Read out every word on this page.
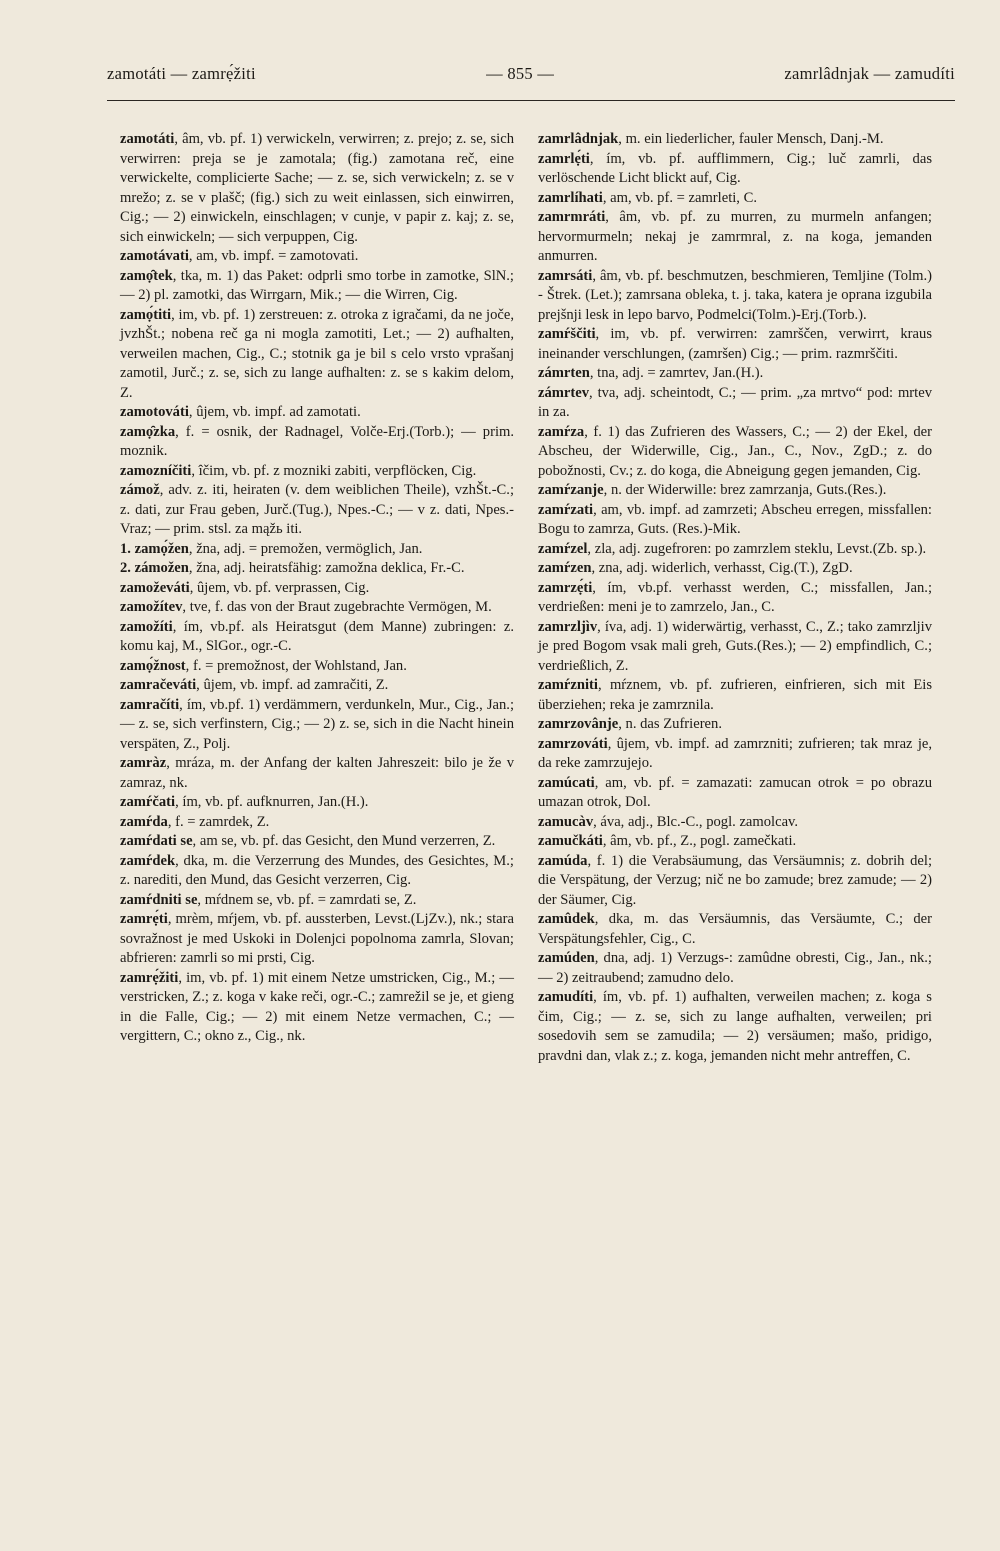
zamotáti — zamrẹ́žiti	— 855 —	zamrlâdnjak — zamudíti

zamotáti, âm, vb. pf. 1) verwickeln, verwirren; z. prejo; z. se, sich verwirren: preja se je zamotala; (fig.) zamotana reč, eine verwickelte, complicierte Sache; — z. se, sich verwickeln; z. se v mrežo; z. se v plašč; (fig.) sich zu weit einlassen, sich einwirren, Cig.; — 2) einwickeln, einschlagen; v cunje, v papir z. kaj; z. se, sich einwickeln; — sich verpuppen, Cig.

zamotávati, am, vb. impf. = zamotovati.

zamọ̑tek, tka, m. 1) das Paket: odprli smo torbe in zamotke, SlN.; — 2) pl. zamotki, das Wirrgarn, Mik.; — die Wirren, Cig.

zamọ́titi, im, vb. pf. 1) zerstreuen: z. otroka z igračami, da ne joče, jvzhŠt.; nobena reč ga ni mogla zamotiti, Let.; — 2) aufhalten, verweilen machen, Cig., C.; stotnik ga je bil s celo vrsto vprašanj zamotil, Jurč.; z. se, sich zu lange aufhalten: z. se s kakim delom, Z.

zamotováti, ûjem, vb. impf. ad zamotati.

zamọ̑zka, f. = osnik, der Radnagel, Volče-Erj.(Torb.); — prim. moznik.

zamozníčiti, îčim, vb. pf. z mozniki zabiti, verpflöcken, Cig.

zámož, adv. z. iti, heiraten (v. dem weiblichen Theile), vzhŠt.-C.; z. dati, zur Frau geben, Jurč.(Tug.), Npes.-C.; — v z. dati, Npes.-Vraz; — prim. stsl. za mąžь iti.

1. zamọ́žen, žna, adj. = premožen, vermöglich, Jan.

2. zámožen, žna, adj. heiratsfähig: zamožna deklica, Fr.-C.

zamoževáti, ûjem, vb. pf. verprassen, Cig.

zamožítev, tve, f. das von der Braut zugebrachte Vermögen, M.

zamožíti, ím, vb.pf. als Heiratsgut (dem Manne) zubringen: z. komu kaj, M., SlGor., ogr.-C.

zamọ́žnost, f. = premožnost, der Wohlstand, Jan.

zamračeváti, ûjem, vb. impf. ad zamračiti, Z.

zamračíti, ím, vb.pf. 1) verdämmern, verdunkeln, Mur., Cig., Jan.; — z. se, sich verfinstern, Cig.; — 2) z. se, sich in die Nacht hinein verspäten, Z., Polj.

zamràz, mráza, m. der Anfang der kalten Jahreszeit: bilo je že v zamraz, nk.

zamŕčati, ím, vb. pf. aufknurren, Jan.(H.).

zamŕda, f. = zamrdek, Z.

zamŕdati se, am se, vb. pf. das Gesicht, den Mund verzerren, Z.

zamŕdek, dka, m. die Verzerrung des Mundes, des Gesichtes, M.; z. narediti, den Mund, das Gesicht verzerren, Cig.

zamŕdniti se, mŕdnem se, vb. pf. = zamrdati se, Z.

zamrẹ́ti, mrèm, mŕjem, vb. pf. aussterben, Levst.(LjZv.), nk.; stara sovražnost je med Uskoki in Dolenjci popolnoma zamrla, Slovan; abfrieren: zamrli so mi prsti, Cig.

zamrẹ́žiti, im, vb. pf. 1) mit einem Netze umstricken, Cig., M.; — verstricken, Z.; z. koga v kake reči, ogr.-C.; zamrežil se je, et gieng in die Falle, Cig.; — 2) mit einem Netze vermachen, C.; — vergittern, C.; okno z., Cig., nk.

zamrlâdnjak, m. ein liederlicher, fauler Mensch, Danj.-M.

zamrlẹ́ti, ím, vb. pf. aufflimmern, Cig.; luč zamrli, das verlöschende Licht blickt auf, Cig.

zamrlíhati, am, vb. pf. = zamrleti, C.

zamrmráti, âm, vb. pf. zu murren, zu murmeln anfangen; hervormurmeln; nekaj je zamrmral, z. na koga, jemanden anmurren.

zamrsáti, âm, vb. pf. beschmutzen, beschmieren, Temljine (Tolm.) - Štrek. (Let.); zamrsana obleka, t. j. taka, katera je oprana izgubila prejšnji lesk in lepo barvo, Podmelci(Tolm.)-Erj.(Torb.).

zamŕščiti, im, vb. pf. verwirren: zamrščen, verwirrt, kraus ineinander verschlungen, (zamršen) Cig.; — prim. razmrščiti.

zámrten, tna, adj. = zamrtev, Jan.(H.).

zámrtev, tva, adj. scheintodt, C.; — prim. „za mrtvo“ pod: mrtev in za.

zamŕza, f. 1) das Zufrieren des Wassers, C.; — 2) der Ekel, der Abscheu, der Widerwille, Cig., Jan., C., Nov., ZgD.; z. do pobožnosti, Cv.; z. do koga, die Abneigung gegen jemanden, Cig.

zamŕzanje, n. der Widerwille: brez zamrzanja, Guts.(Res.).

zamŕzati, am, vb. impf. ad zamrzeti; Abscheu erregen, missfallen: Bogu to zamrza, Guts. (Res.)-Mik.

zamŕzel, zla, adj. zugefroren: po zamrzlem steklu, Levst.(Zb. sp.).

zamŕzen, zna, adj. widerlich, verhasst, Cig.(T.), ZgD.

zamrzẹ́ti, ím, vb.pf. verhasst werden, C.; missfallen, Jan.; verdrießen: meni je to zamrzelo, Jan., C.

zamrzljìv, íva, adj. 1) widerwärtig, verhasst, C., Z.; tako zamrzljiv je pred Bogom vsak mali greh, Guts.(Res.); — 2) empfindlich, C.; verdrießlich, Z.

zamŕzniti, mŕznem, vb. pf. zufrieren, einfrieren, sich mit Eis überziehen; reka je zamrznila.

zamrzovânje, n. das Zufrieren.

zamrzováti, ûjem, vb. impf. ad zamrzniti; zufrieren; tak mraz je, da reke zamrzujejo.

zamúcati, am, vb. pf. = zamazati: zamucan otrok = po obrazu umazan otrok, Dol.

zamucàv, áva, adj., Blc.-C., pogl. zamolcav.

zamučkáti, âm, vb. pf., Z., pogl. zamečkati.

zamúda, f. 1) die Verabsäumung, das Versäumnis; z. dobrih del; die Verspätung, der Verzug; nič ne bo zamude; brez zamude; — 2) der Säumer, Cig.

zamûdek, dka, m. das Versäumnis, das Versäumte, C.; der Verspätungsfehler, Cig., C.

zamúden, dna, adj. 1) Verzugs-: zamûdne obresti, Cig., Jan., nk.; — 2) zeitraubend; zamudno delo.

zamudíti, ím, vb. pf. 1) aufhalten, verweilen machen; z. koga s čim, Cig.; — z. se, sich zu lange aufhalten, verweilen; pri sosedovih sem se zamudila; — 2) versäumen; mašo, pridigo, pravdni dan, vlak z.; z. koga, jemanden nicht mehr antreffen, C.
